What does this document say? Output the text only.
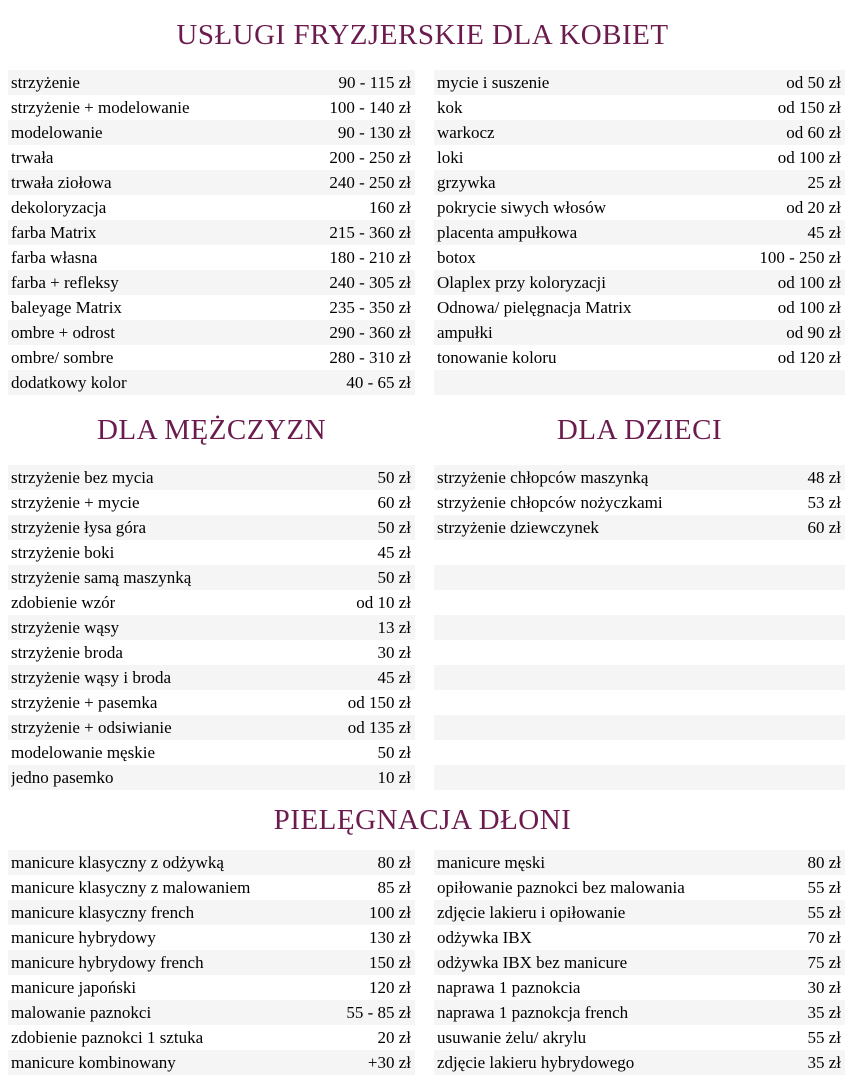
USŁUGI FRYZJERSKIE DLA KOBIET
strzyżenie	90 - 115 zł
strzyżenie + modelowanie	100 - 140 zł
modelowanie	90 - 130 zł
trwała	200 - 250 zł
trwała ziołowa	240 - 250 zł
dekoloryzacja	160 zł
farba Matrix	215 - 360 zł
farba własna	180 - 210 zł
farba + refleksy	240 - 305 zł
baleyage Matrix	235 - 350 zł
ombre + odrost	290 - 360 zł
ombre/ sombre	280 - 310 zł
dodatkowy kolor	40 - 65 zł
mycie i suszenie	od 50 zł
kok	od 150 zł
warkocz	od 60 zł
loki	od 100 zł
grzywka	25 zł
pokrycie siwych włosów	od 20 zł
placenta ampułkowa	45 zł
botox	100 - 250 zł
Olaplex przy koloryzacji	od 100 zł
Odnowa/ pielęgnacja Matrix	od 100 zł
ampułki	od 90 zł
tonowanie koloru	od 120 zł
DLA MĘŻCZYZN	DLA DZIECI
strzyżenie bez mycia	50 zł
strzyżenie + mycie	60 zł
strzyżenie łysa góra	50 zł
strzyżenie boki	45 zł
strzyżenie samą maszynką	50 zł
zdobienie wzór	od 10 zł
strzyżenie wąsy	13 zł
strzyżenie broda	30 zł
strzyżenie wąsy i broda	45 zł
strzyżenie + pasemka	od 150 zł
strzyżenie + odsiwianie	od 135 zł
modelowanie męskie	50 zł
jedno pasemko	10 zł
strzyżenie chłopców maszynką	48 zł
strzyżenie chłopców nożyczkami	53 zł
strzyżenie dziewczynek	60 zł
PIELĘGNACJA DŁONI
manicure klasyczny z odżywką	80 zł
manicure klasyczny z malowaniem	85 zł
manicure klasyczny french	100 zł
manicure hybrydowy	130 zł
manicure hybrydowy french	150 zł
manicure japoński	120 zł
malowanie paznokci	55 - 85 zł
zdobienie paznokci 1 sztuka	20 zł
manicure kombinowany	+30 zł
manicure męski	80 zł
opiłowanie paznokci bez malowania	55 zł
zdjęcie lakieru i opiłowanie	55 zł
odżywka IBX	70 zł
odżywka IBX bez manicure	75 zł
naprawa 1 paznokcia	30 zł
naprawa 1 paznokcja french	35 zł
usuwanie żelu/ akrylu	55 zł
zdjęcie lakieru hybrydowego	35 zł
